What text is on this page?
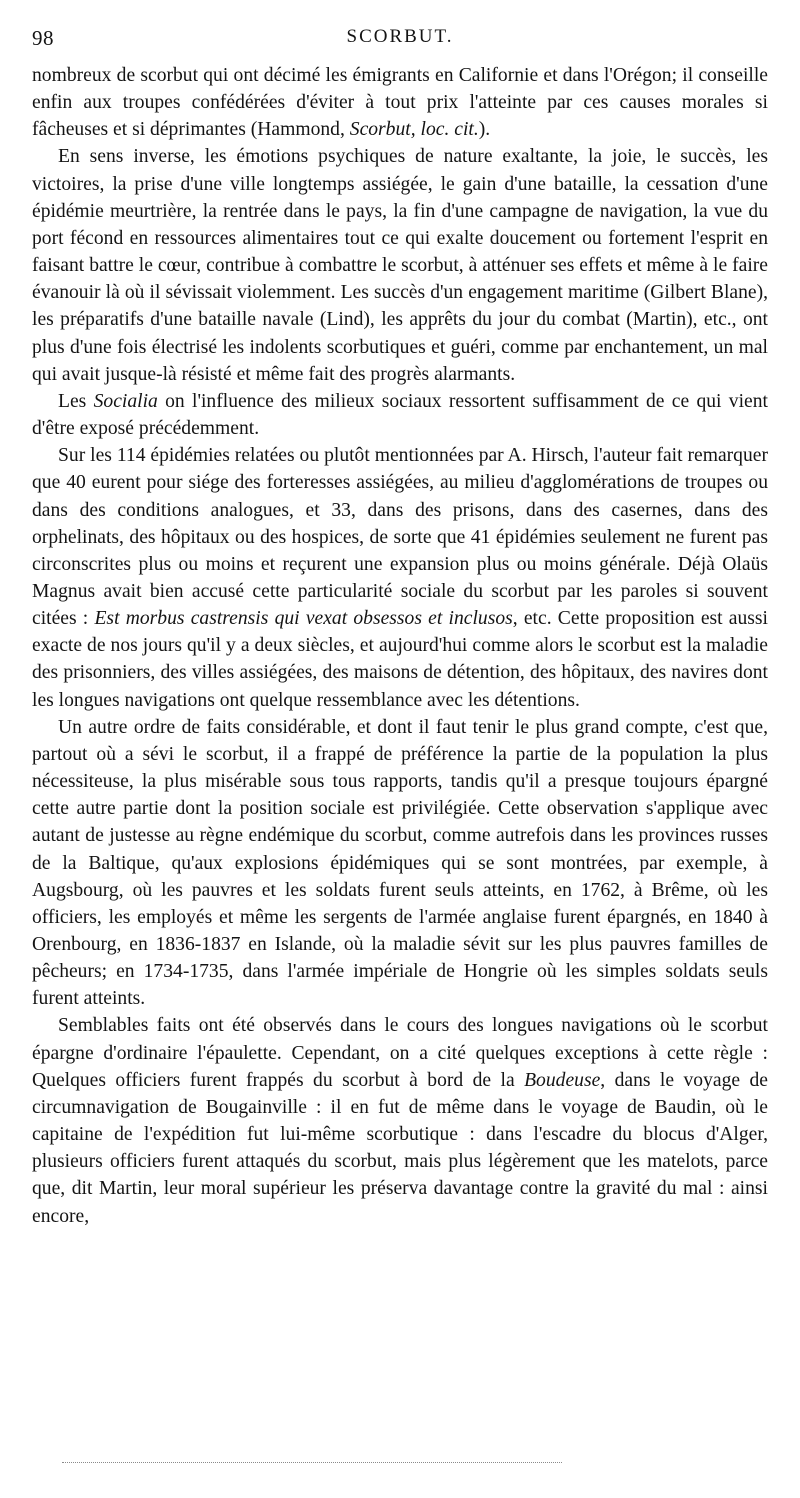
98	SCORBUT.

nombreux de scorbut qui ont décimé les émigrants en Californie et dans l'Orégon; il conseille enfin aux troupes confédérées d'éviter à tout prix l'atteinte par ces causes morales si fâcheuses et si déprimantes (Hammond, Scorbut, loc. cit.).

En sens inverse, les émotions psychiques de nature exaltante, la joie, le succès, les victoires, la prise d'une ville longtemps assiégée, le gain d'une bataille, la cessation d'une épidémie meurtrière, la rentrée dans le pays, la fin d'une campagne de navigation, la vue du port fécond en ressources alimentaires tout ce qui exalte doucement ou fortement l'esprit en faisant battre le cœur, contribue à combattre le scorbut, à atténuer ses effets et même à le faire évanouir là où il sévissait violemment. Les succès d'un engagement maritime (Gilbert Blane), les préparatifs d'une bataille navale (Lind), les apprêts du jour du combat (Martin), etc., ont plus d'une fois électrisé les indolents scorbutiques et guéri, comme par enchantement, un mal qui avait jusque-là résisté et même fait des progrès alarmants.

Les Socialia on l'influence des milieux sociaux ressortent suffisamment de ce qui vient d'être exposé précédemment.

Sur les 114 épidémies relatées ou plutôt mentionnées par A. Hirsch, l'auteur fait remarquer que 40 eurent pour siége des forteresses assiégées, au milieu d'agglomérations de troupes ou dans des conditions analogues, et 33, dans des prisons, dans des casernes, dans des orphelinats, des hôpitaux ou des hospices, de sorte que 41 épidémies seulement ne furent pas circonscrites plus ou moins et reçurent une expansion plus ou moins générale. Déjà Olaüs Magnus avait bien accusé cette particularité sociale du scorbut par les paroles si souvent citées : Est morbus castrensis qui vexat obsessos et inclusos, etc. Cette proposition est aussi exacte de nos jours qu'il y a deux siècles, et aujourd'hui comme alors le scorbut est la maladie des prisonniers, des villes assiégées, des maisons de détention, des hôpitaux, des navires dont les longues navigations ont quelque ressemblance avec les détentions.

Un autre ordre de faits considérable, et dont il faut tenir le plus grand compte, c'est que, partout où a sévi le scorbut, il a frappé de préférence la partie de la population la plus nécessiteuse, la plus misérable sous tous rapports, tandis qu'il a presque toujours épargné cette autre partie dont la position sociale est privilégiée. Cette observation s'applique avec autant de justesse au règne endémique du scorbut, comme autrefois dans les provinces russes de la Baltique, qu'aux explosions épidémiques qui se sont montrées, par exemple, à Augsbourg, où les pauvres et les soldats furent seuls atteints, en 1762, à Brême, où les officiers, les employés et même les sergents de l'armée anglaise furent épargnés, en 1840 à Orenbourg, en 1836-1837 en Islande, où la maladie sévit sur les plus pauvres familles de pêcheurs; en 1734-1735, dans l'armée impériale de Hongrie où les simples soldats seuls furent atteints.

Semblables faits ont été observés dans le cours des longues navigations où le scorbut épargne d'ordinaire l'épaulette. Cependant, on a cité quelques exceptions à cette règle : Quelques officiers furent frappés du scorbut à bord de la Boudeuse, dans le voyage de circumnavigation de Bougainville : il en fut de même dans le voyage de Baudin, où le capitaine de l'expédition fut lui-même scorbutique : dans l'escadre du blocus d'Alger, plusieurs officiers furent attaqués du scorbut, mais plus légèrement que les matelots, parce que, dit Martin, leur moral supérieur les préserva davantage contre la gravité du mal : ainsi encore,
